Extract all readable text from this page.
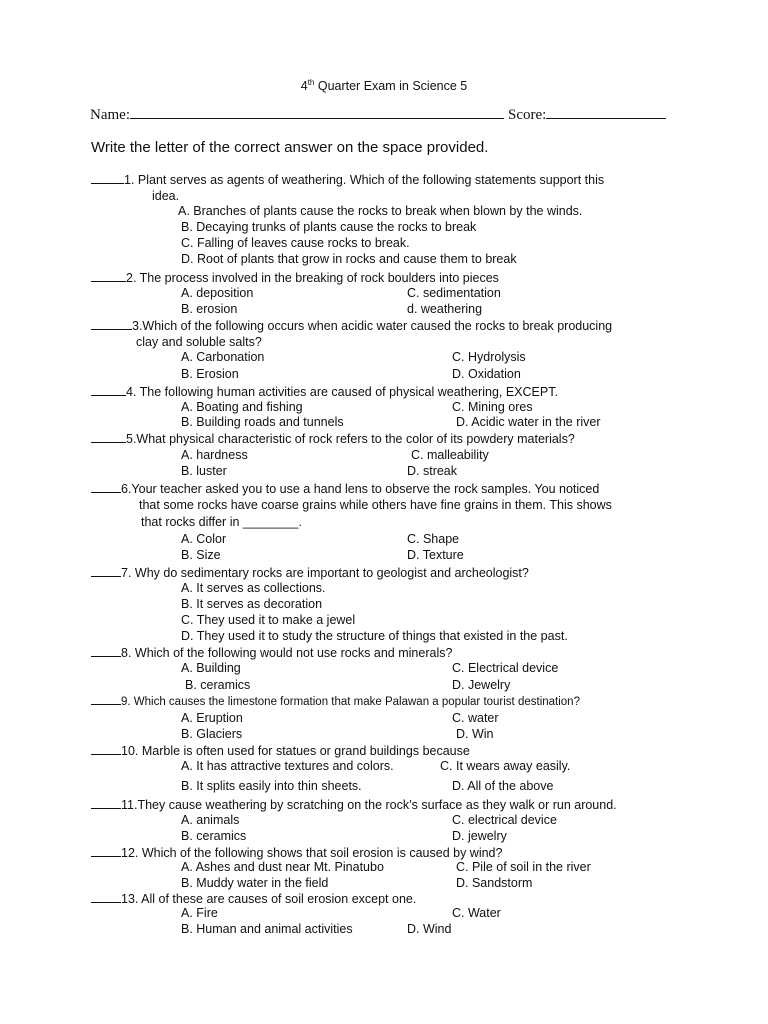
4th Quarter Exam in Science 5
Name:	Score:
Write the letter of the correct answer on the space provided.
1. Plant serves as agents of weathering. Which of the following statements support this
idea.
A. Branches of plants cause the rocks to break when blown by the winds.
B. Decaying trunks of plants cause the rocks to break
C. Falling of leaves cause rocks to break.
D. Root of plants that grow in rocks and cause them to break
2. The process involved in the breaking of rock boulders into pieces
A. deposition	C. sedimentation
B. erosion	d. weathering
3.Which of the following occurs when acidic water caused the rocks to break producing
clay and soluble salts?
A. Carbonation	C. Hydrolysis
B. Erosion	D. Oxidation
4. The following human activities are caused of physical weathering, EXCEPT.
A. Boating and fishing	C. Mining ores
B. Building roads and tunnels	D. Acidic water in the river
5.What physical characteristic of rock refers to the color of its powdery materials?
A. hardness	C. malleability
B. luster	D. streak
6.Your teacher asked you to use a hand lens to observe the rock samples. You noticed
that some rocks have coarse grains while others have fine grains in them. This shows
that rocks differ in ________.
A. Color	C. Shape
B. Size	D. Texture
7. Why do sedimentary rocks are important to geologist and archeologist?
A. It serves as collections.
B. It serves as decoration
C. They used it to make a jewel
D. They used it to study the structure of things that existed in the past.
8. Which of the following would not use rocks and minerals?
A. Building	C. Electrical device
B. ceramics	D. Jewelry
9. Which causes the limestone formation that make Palawan a popular tourist destination?
A. Eruption	C. water
B. Glaciers	D. Win
10. Marble is often used for statues or grand buildings because
A. It has attractive textures and colors.	C. It wears away easily.
B. It splits easily into thin sheets.	D. All of the above
11.They cause weathering by scratching on the rock’s surface as they walk or run around.
A. animals	C. electrical device
B. ceramics	D. jewelry
12. Which of the following shows that soil erosion is caused by wind?
A. Ashes and dust near Mt. Pinatubo	C. Pile of soil in the river
B. Muddy water in the field	D. Sandstorm
13. All of these are causes of soil erosion except one.
A. Fire	C. Water
B. Human and animal activities	D. Wind
